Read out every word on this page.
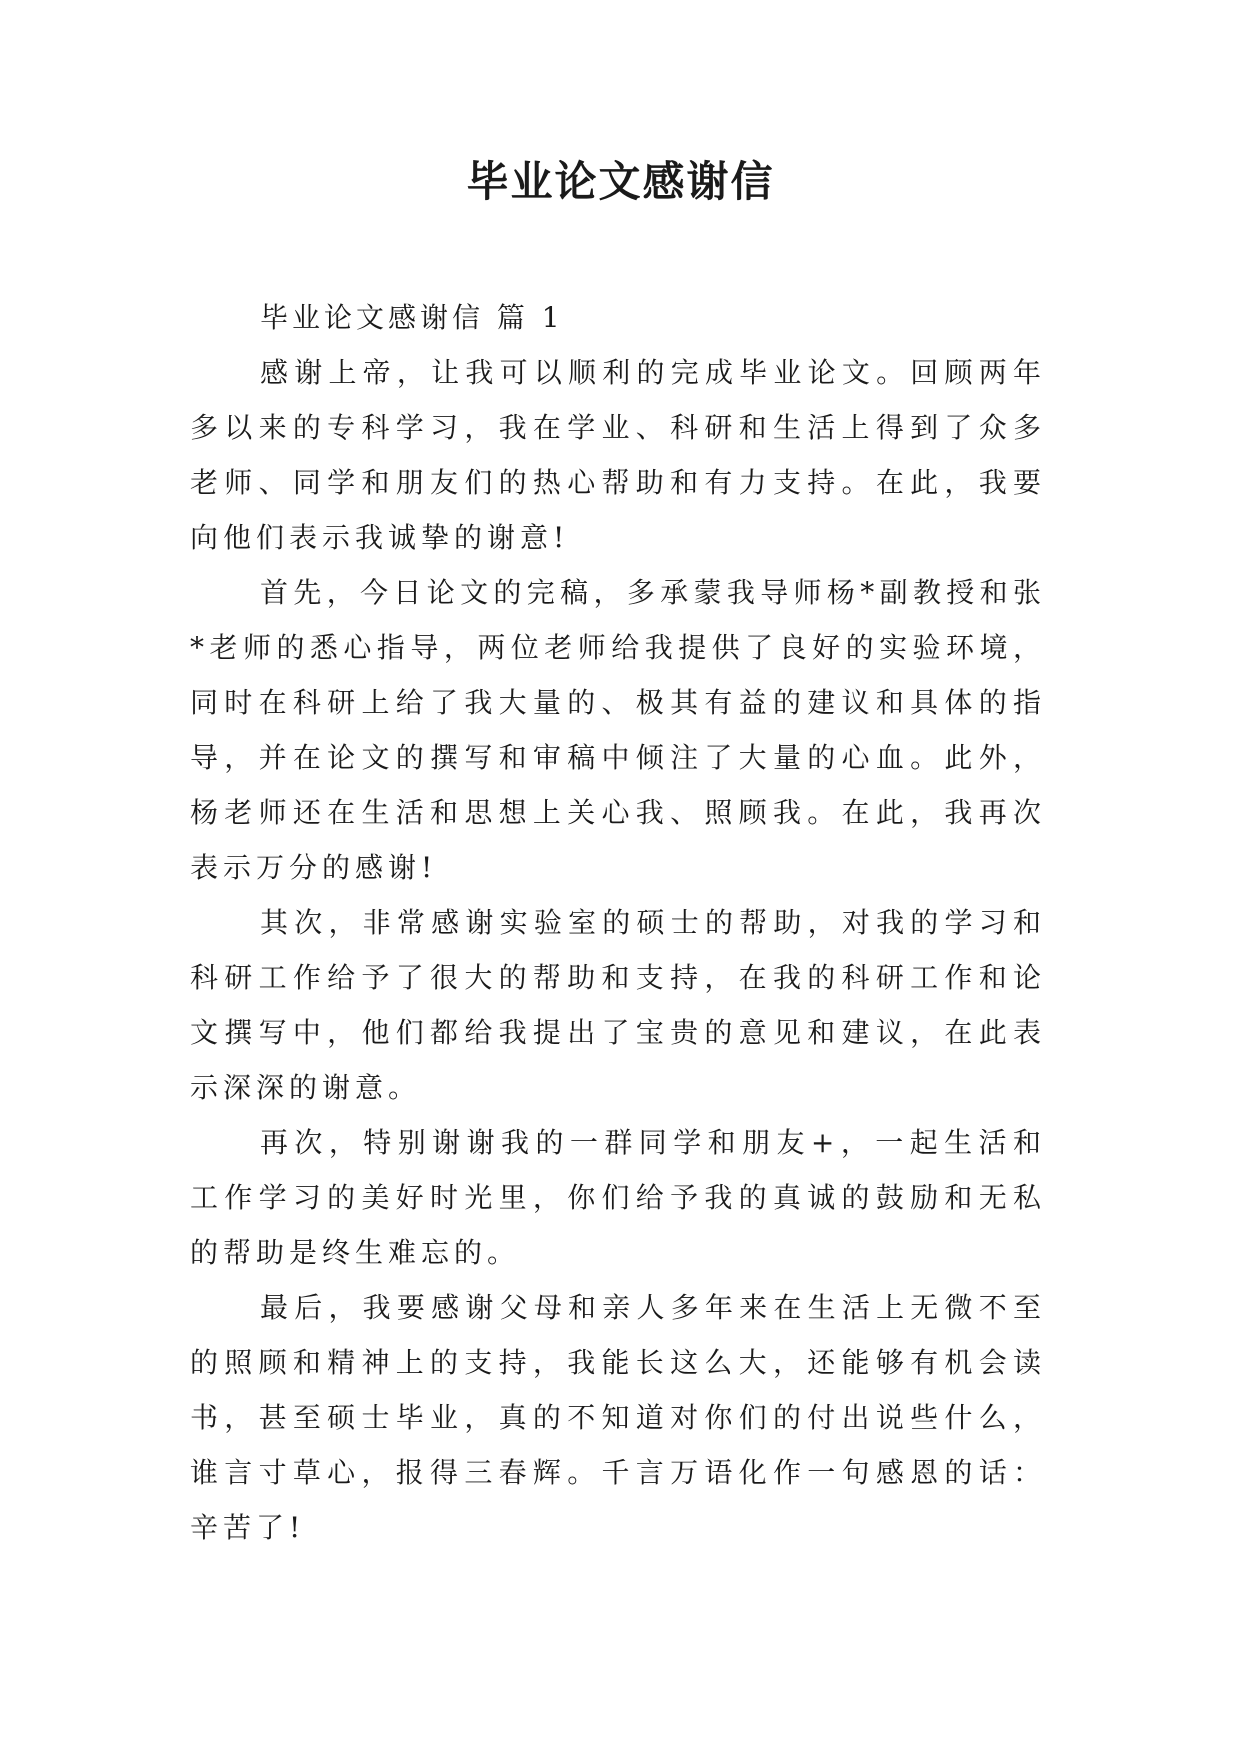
毕业论文感谢信

毕业论文感谢信 篇 1

感谢上帝，让我可以顺利的完成毕业论文。回顾两年多以来的专科学习，我在学业、科研和生活上得到了众多老师、同学和朋友们的热心帮助和有力支持。在此，我要向他们表示我诚挚的谢意!

首先，今日论文的完稿，多承蒙我导师杨*副教授和张*老师的悉心指导，两位老师给我提供了良好的实验环境，同时在科研上给了我大量的、极其有益的建议和具体的指导，并在论文的撰写和审稿中倾注了大量的心血。此外，杨老师还在生活和思想上关心我、照顾我。在此，我再次表示万分的感谢!

其次，非常感谢实验室的硕士的帮助，对我的学习和科研工作给予了很大的帮助和支持，在我的科研工作和论文撰写中，他们都给我提出了宝贵的意见和建议，在此表示深深的谢意。

再次，特别谢谢我的一群同学和朋友+，一起生活和工作学习的美好时光里，你们给予我的真诚的鼓励和无私的帮助是终生难忘的。

最后，我要感谢父母和亲人多年来在生活上无微不至的照顾和精神上的支持，我能长这么大，还能够有机会读书，甚至硕士毕业，真的不知道对你们的付出说些什么，谁言寸草心，报得三春辉。千言万语化作一句感恩的话：辛苦了!
